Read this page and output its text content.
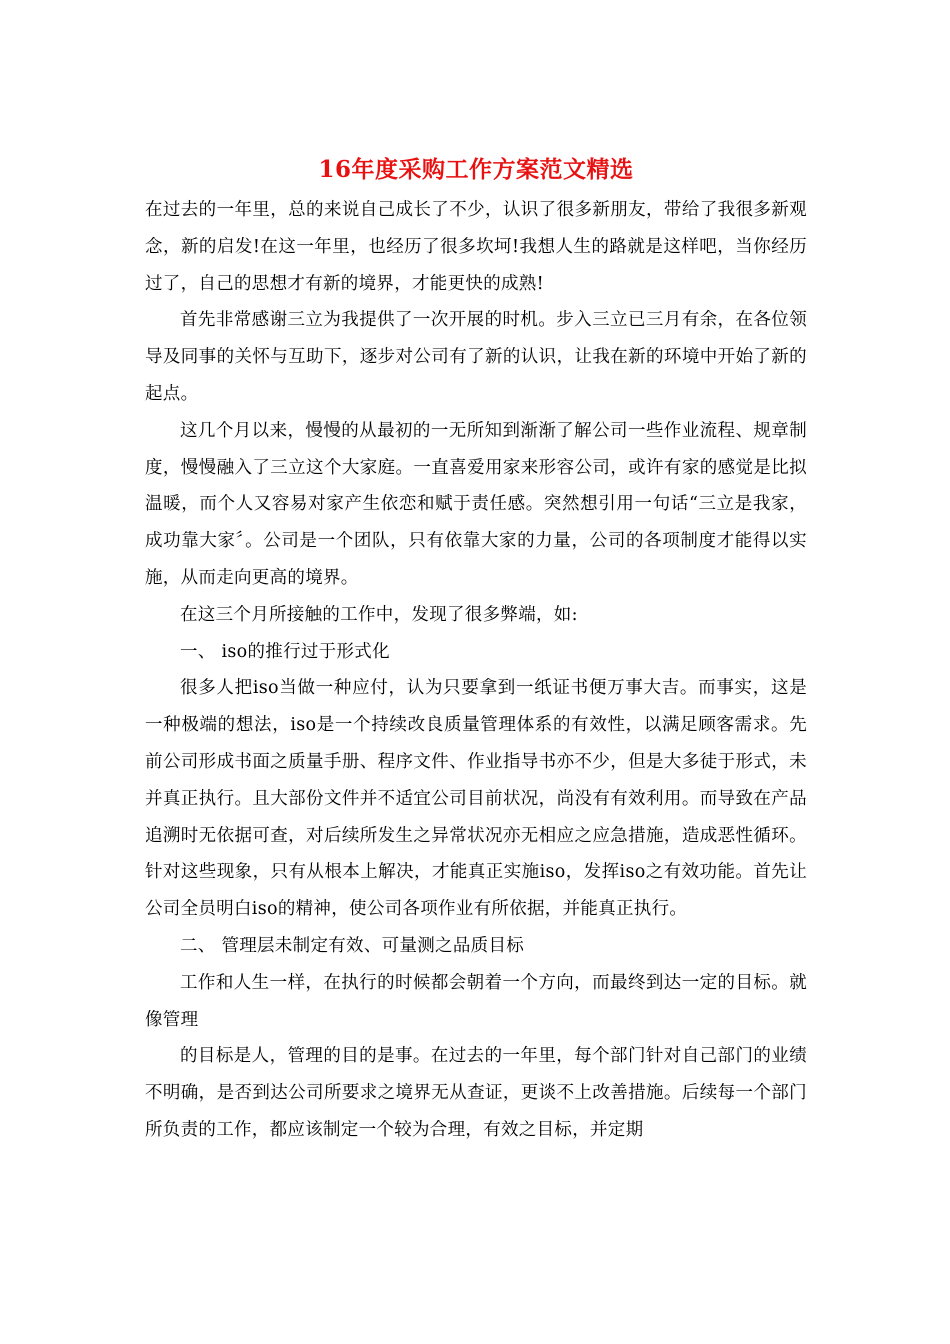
16年度采购工作方案范文精选

在过去的一年里，总的来说自己成长了不少，认识了很多新朋友，带给了我很多新观念，新的启发!在这一年里，也经历了很多坎坷!我想人生的路就是这样吧，当你经历过了，自己的思想才有新的境界，才能更快的成熟!

首先非常感谢三立为我提供了一次开展的时机。步入三立已三月有余，在各位领导及同事的关怀与互助下，逐步对公司有了新的认识，让我在新的环境中开始了新的起点。

这几个月以来，慢慢的从最初的一无所知到渐渐了解公司一些作业流程、规章制度，慢慢融入了三立这个大家庭。一直喜爱用家来形容公司，或许有家的感觉是比拟温暖，而个人又容易对家产生依恋和赋于责任感。突然想引用一句话“三立是我家，成功靠大家〞。公司是一个团队，只有依靠大家的力量，公司的各项制度才能得以实施，从而走向更高的境界。

在这三个月所接触的工作中，发现了很多弊端，如:

一、 iso的推行过于形式化

很多人把iso当做一种应付，认为只要拿到一纸证书便万事大吉。而事实，这是一种极端的想法，iso是一个持续改良质量管理体系的有效性，以满足顾客需求。先前公司形成书面之质量手册、程序文件、作业指导书亦不少，但是大多徒于形式，未并真正执行。且大部份文件并不适宜公司目前状况，尚没有有效利用。而导致在产品追溯时无依据可查，对后续所发生之异常状况亦无相应之应急措施，造成恶性循环。针对这些现象，只有从根本上解决，才能真正实施iso，发挥iso之有效功能。首先让公司全员明白iso的精神，使公司各项作业有所依据，并能真正执行。

二、 管理层未制定有效、可量测之品质目标

工作和人生一样，在执行的时候都会朝着一个方向，而最终到达一定的目标。就像管理

的目标是人，管理的目的是事。在过去的一年里，每个部门针对自己部门的业绩不明确，是否到达公司所要求之境界无从查证，更谈不上改善措施。后续每一个部门所负责的工作，都应该制定一个较为合理，有效之目标，并定期
